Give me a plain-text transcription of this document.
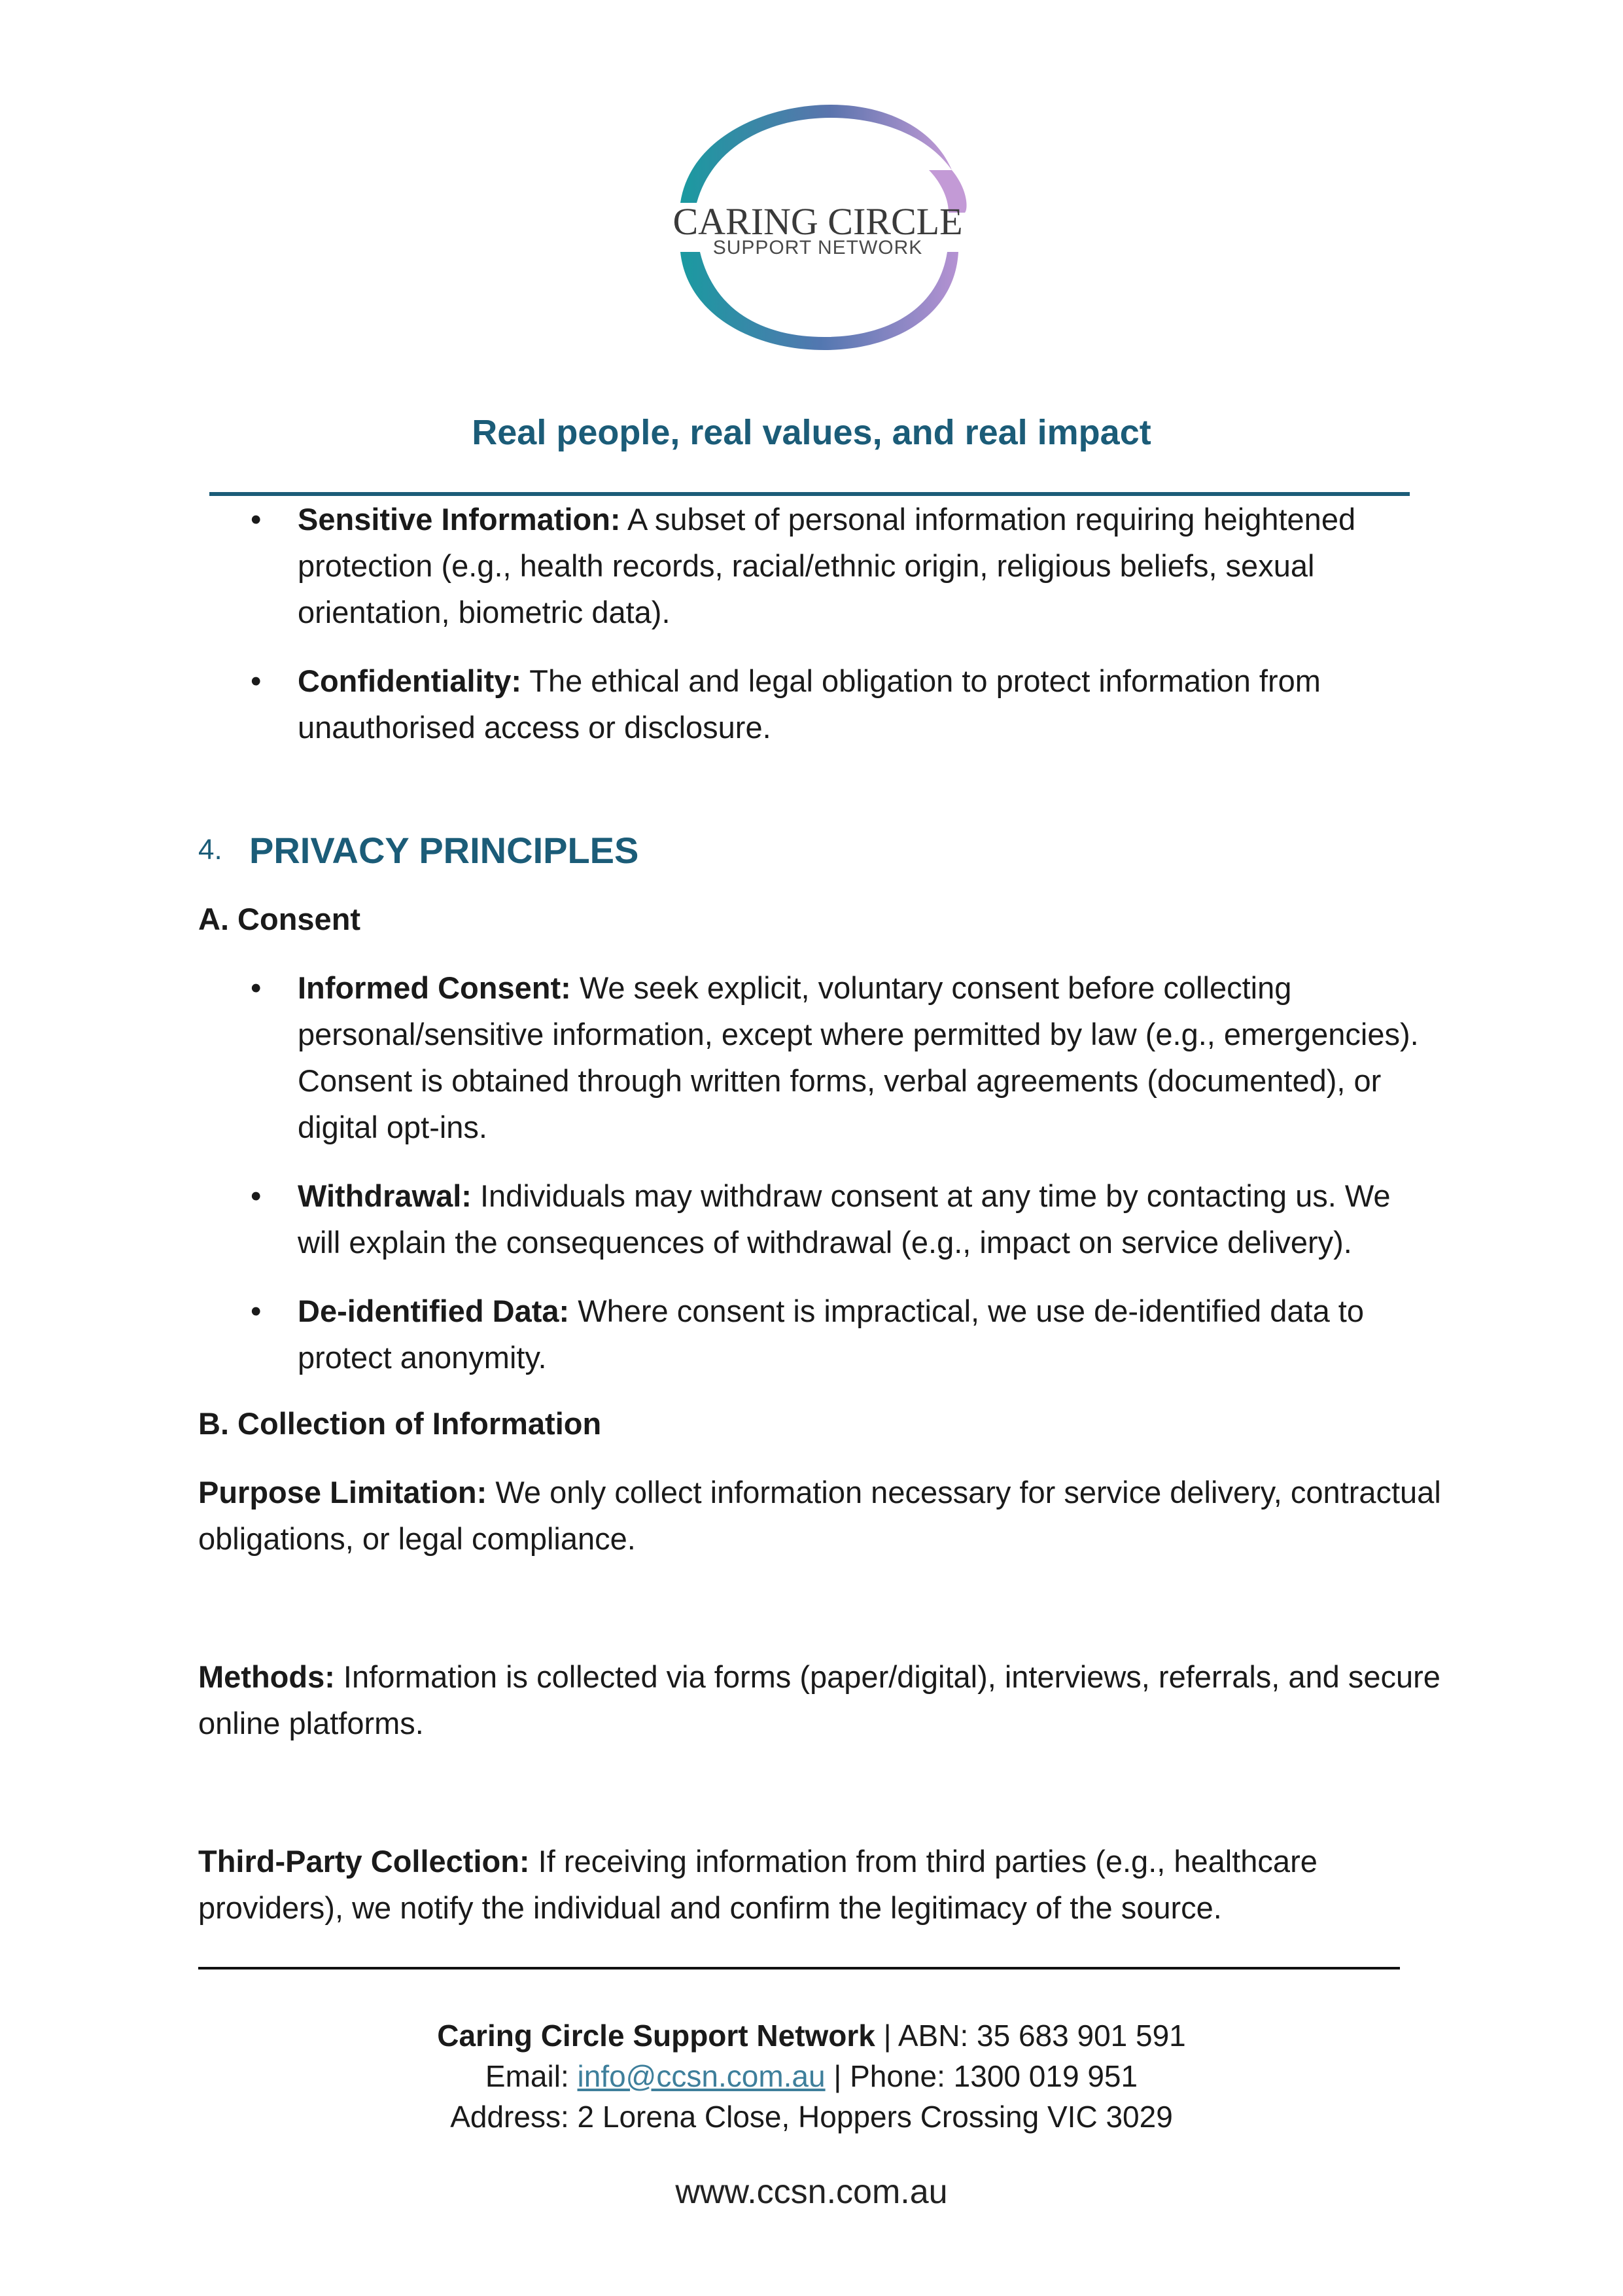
CARING CIRCLE
SUPPORT NETWORK
Real people, real values, and real impact
• Sensitive Information: A subset of personal information requiring heightened protection (e.g., health records, racial/ethnic origin, religious beliefs, sexual orientation, biometric data).
• Confidentiality: The ethical and legal obligation to protect information from unauthorised access or disclosure.
4. PRIVACY PRINCIPLES
A. Consent
• Informed Consent: We seek explicit, voluntary consent before collecting personal/sensitive information, except where permitted by law (e.g., emergencies). Consent is obtained through written forms, verbal agreements (documented), or digital opt-ins.
• Withdrawal: Individuals may withdraw consent at any time by contacting us. We will explain the consequences of withdrawal (e.g., impact on service delivery).
• De-identified Data: Where consent is impractical, we use de-identified data to protect anonymity.
B. Collection of Information

Purpose Limitation: We only collect information necessary for service delivery, contractual obligations, or legal compliance.

Methods: Information is collected via forms (paper/digital), interviews, referrals, and secure online platforms.

Third-Party Collection: If receiving information from third parties (e.g., healthcare providers), we notify the individual and confirm the legitimacy of the source.

Caring Circle Support Network | ABN: 35 683 901 591
Email: info@ccsn.com.au | Phone: 1300 019 951
Address: 2 Lorena Close, Hoppers Crossing VIC 3029
www.ccsn.com.au
